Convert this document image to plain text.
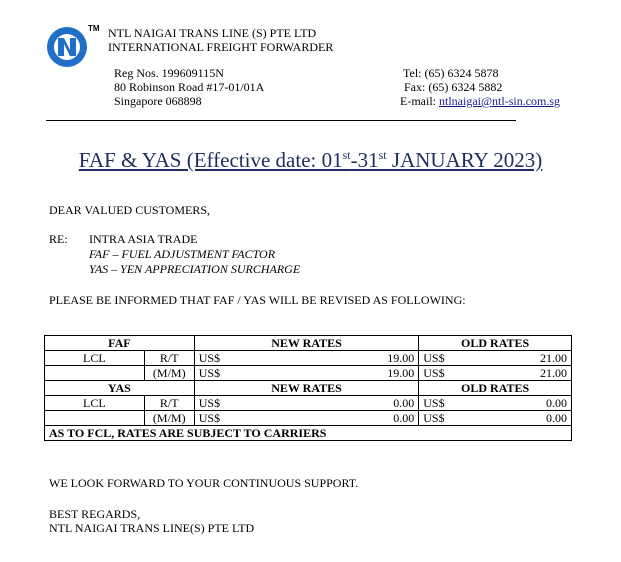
TM NTL NAIGAI TRANS LINE (S) PTE LTD
INTERNATIONAL FREIGHT FORWARDER
Reg Nos. 199609115N
80 Robinson Road #17-01/01A
Singapore 068898
Tel: (65) 6324 5878
Fax: (65) 6324 5882
E-mail: ntlnaigai@ntl-sin.com.sg
FAF & YAS (Effective date: 01st-31st JANUARY 2023)
DEAR VALUED CUSTOMERS,
RE: INTRA ASIA TRADE
FAF – FUEL ADJUSTMENT FACTOR
YAS – YEN APPRECIATION SURCHARGE
PLEASE BE INFORMED THAT FAF / YAS WILL BE REVISED AS FOLLOWING:
FAF		NEW RATES		OLD RATES	
LCL	R/T	US$	19.00	US$	21.00
	(M/M)	US$	19.00	US$	21.00
YAS		NEW RATES		OLD RATES	
LCL	R/T	US$	0.00	US$	0.00
	(M/M)	US$	0.00	US$	0.00
AS TO FCL, RATES ARE SUBJECT TO CARRIERS					
WE LOOK FORWARD TO YOUR CONTINUOUS SUPPORT.
BEST REGARDS,
NTL NAIGAI TRANS LINE(S) PTE LTD
